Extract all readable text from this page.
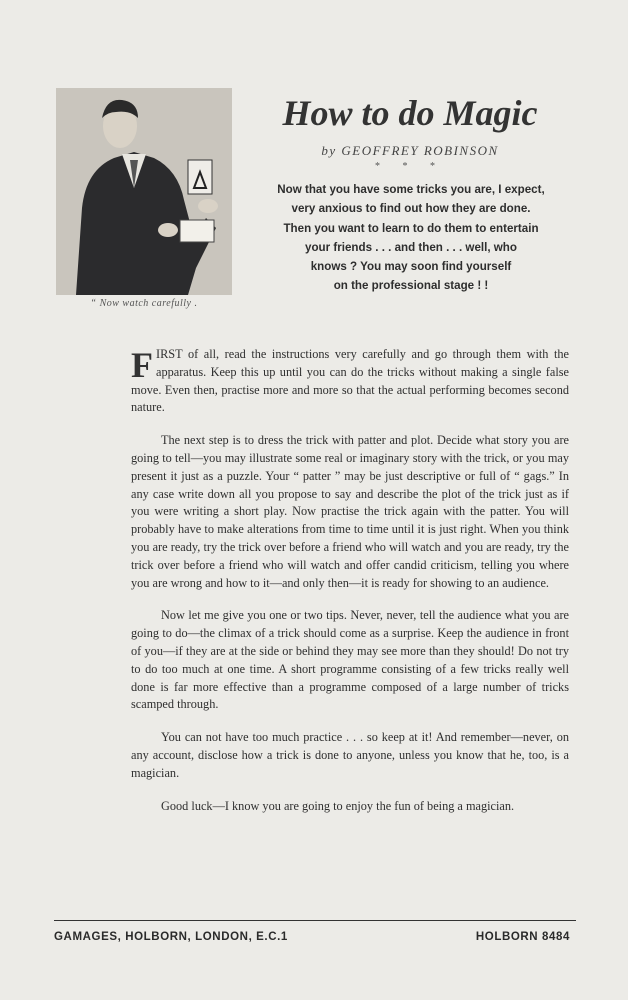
“ Now watch carefully .
How to do Magic
by GEOFFREY ROBINSON
* * *
Now that you have some tricks you are, I expect,
very anxious to find out how they are done.
Then you want to learn to do them to entertain
your friends . . . and then . . . well, who
knows ? You may soon find yourself
on the professional stage ! !

FIRST of all, read the instructions very carefully and go through them with the apparatus. Keep this up until you can do the tricks without making a single false move. Even then, practise more and more so that the actual performing becomes second nature.

The next step is to dress the trick with patter and plot. Decide what story you are going to tell—you may illustrate some real or imaginary story with the trick, or you may present it just as a puzzle. Your “ patter ” may be just descriptive or full of “ gags.” In any case write down all you propose to say and describe the plot of the trick just as if you were writing a short play. Now practise the trick again with the patter. You will probably have to make alterations from time to time until it is just right. When you think you are ready, try the trick over before a friend who will watch and you are ready, try the trick over before a friend who will watch and offer candid criticism, telling you where you are wrong and how to it—and only then—it is ready for showing to an audience.

Now let me give you one or two tips. Never, never, tell the audience what you are going to do—the climax of a trick should come as a surprise. Keep the audience in front of you—if they are at the side or behind they may see more than they should! Do not try to do too much at one time. A short programme consisting of a few tricks really well done is far more effective than a programme composed of a large number of tricks scamped through.

You can not have too much practice . . . so keep at it! And remember—never, on any account, disclose how a trick is done to anyone, unless you know that he, too, is a magician.

Good luck—I know you are going to enjoy the fun of being a magician.

GAMAGES, HOLBORN, LONDON, E.C.1	HOLBORN 8484
